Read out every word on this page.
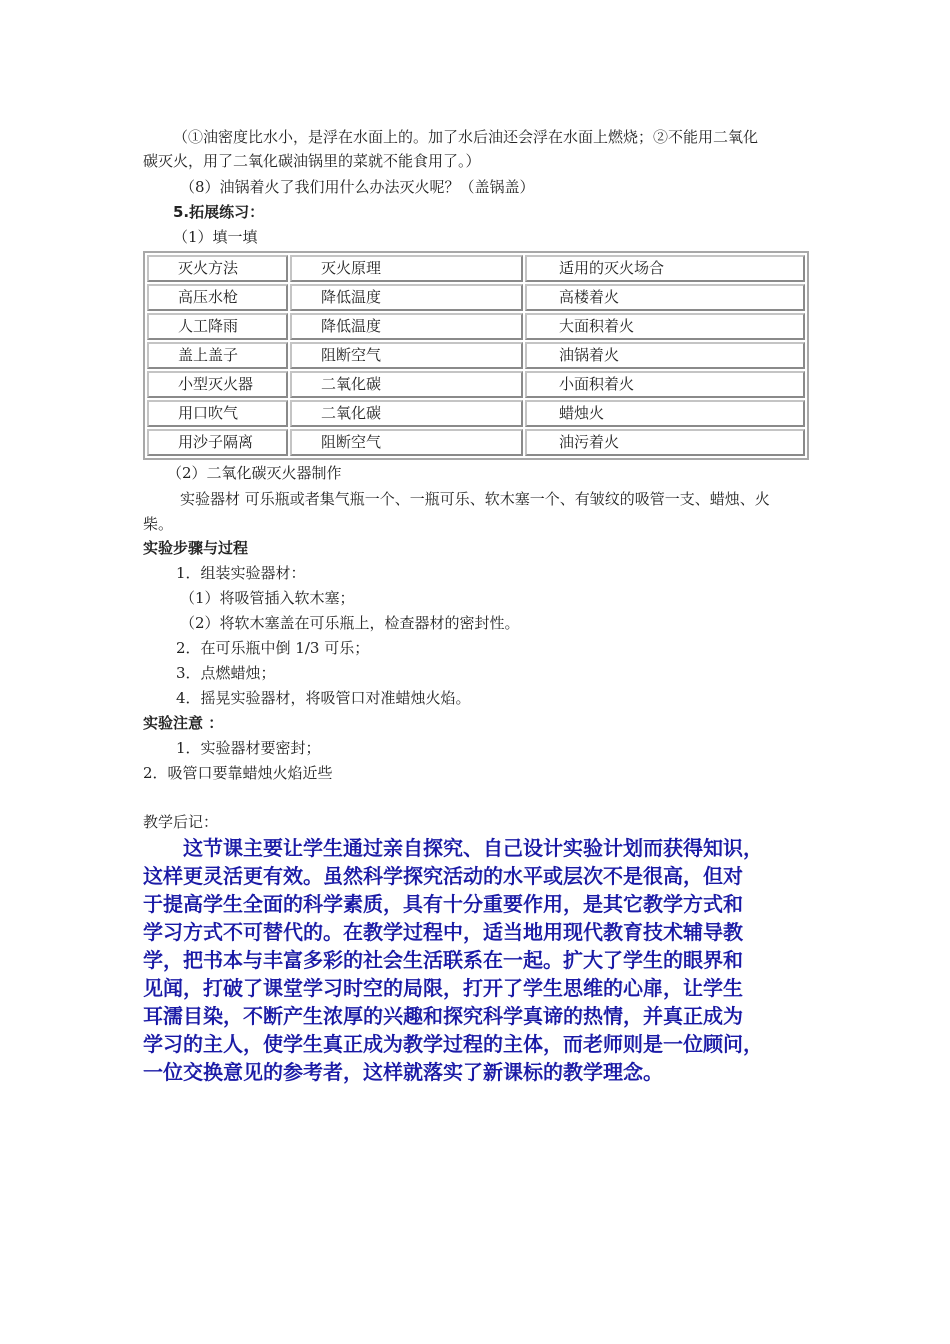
（①油密度比水小，是浮在水面上的。加了水后油还会浮在水面上燃烧；②不能用二氧化
碳灭火，用了二氧化碳油锅里的菜就不能食用了。）
（8）油锅着火了我们用什么办法灭火呢？（盖锅盖）
5.拓展练习：
（1）填一填
灭火方法	灭火原理	适用的灭火场合
高压水枪	降低温度	高楼着火
人工降雨	降低温度	大面积着火
盖上盖子	阻断空气	油锅着火
小型灭火器	二氧化碳	小面积着火
用口吹气	二氧化碳	蜡烛火
用沙子隔离	阻断空气	油污着火
（2）二氧化碳灭火器制作
实验器材 可乐瓶或者集气瓶一个、一瓶可乐、软木塞一个、有皱纹的吸管一支、蜡烛、火
柴。
实验步骤与过程
1．组装实验器材：
（1）将吸管插入软木塞；
（2）将软木塞盖在可乐瓶上，检查器材的密封性。
2．在可乐瓶中倒 1/3 可乐；
3．点燃蜡烛；
4．摇晃实验器材，将吸管口对准蜡烛火焰。
实验注意 ：
1．实验器材要密封；
2．吸管口要靠蜡烛火焰近些
教学后记：
　　这节课主要让学生通过亲自探究、自己设计实验计划而获得知识，
这样更灵活更有效。虽然科学探究活动的水平或层次不是很高，但对
于提高学生全面的科学素质，具有十分重要作用，是其它教学方式和
学习方式不可替代的。在教学过程中，适当地用现代教育技术辅导教
学，把书本与丰富多彩的社会生活联系在一起。扩大了学生的眼界和
见闻，打破了课堂学习时空的局限，打开了学生思维的心扉，让学生
耳濡目染，不断产生浓厚的兴趣和探究科学真谛的热情，并真正成为
学习的主人，使学生真正成为教学过程的主体，而老师则是一位顾问，
一位交换意见的参考者，这样就落实了新课标的教学理念。
